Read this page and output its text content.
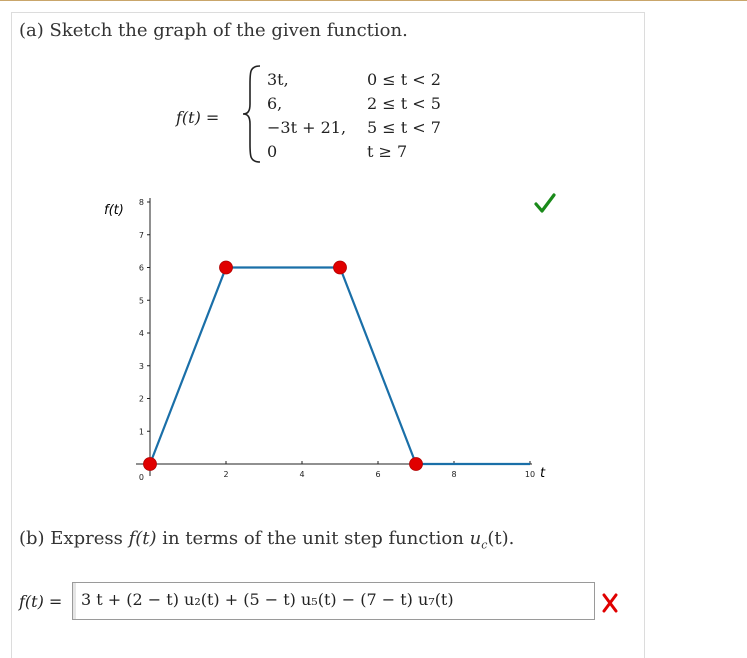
(a) Sketch the graph of the given function.
f(t) =
3t,	0 ≤ t < 2
6,	2 ≤ t < 5
−3t + 21,	5 ≤ t < 7
0	t ≥ 7
0
1
2
3
4
5
6
7
8
2	4	6	8	10
f(t)
t
(b) Express f(t) in terms of the unit step function $u_c(t)$.
f(t) =	3 t + (2 − t) u₂(t) + (5 − t) u₅(t) − (7 − t) u₇(t)
